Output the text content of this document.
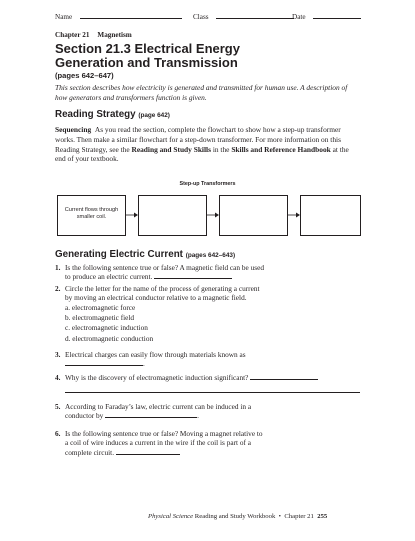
Name	Class	Date
Chapter 21 Magnetism
Section 21.3 Electrical Energy
Generation and Transmission
(pages 642–647)
This section describes how electricity is generated and transmitted for human use. A description of how generators and transformers function is given.
Reading Strategy (page 642)
Sequencing As you read the section, complete the flowchart to show how a step-up transformer works. Then make a similar flowchart for a step-down transformer. For more information on this Reading Strategy, see the Reading and Study Skills in the Skills and Reference Handbook at the end of your textbook.
Step-up Transformers
Current flows through
smaller coil.
Generating Electric Current (pages 642–643)
1. Is the following sentence true or false? A magnetic field can be used
to produce an electric current.
2. Circle the letter for the name of the process of generating a current
by moving an electrical conductor relative to a magnetic field.
a. electromagnetic force
b. electromagnetic field
c. electromagnetic induction
d. electromagnetic conduction
3. Electrical charges can easily flow through materials known as
.
4. Why is the discovery of electromagnetic induction significant?
5. According to Faraday’s law, electric current can be induced in a
conductor by	.
6. Is the following sentence true or false? Moving a magnet relative to
a coil of wire induces a current in the wire if the coil is part of a
complete circuit.
Physical Science Reading and Study Workbook • Chapter 21 255
